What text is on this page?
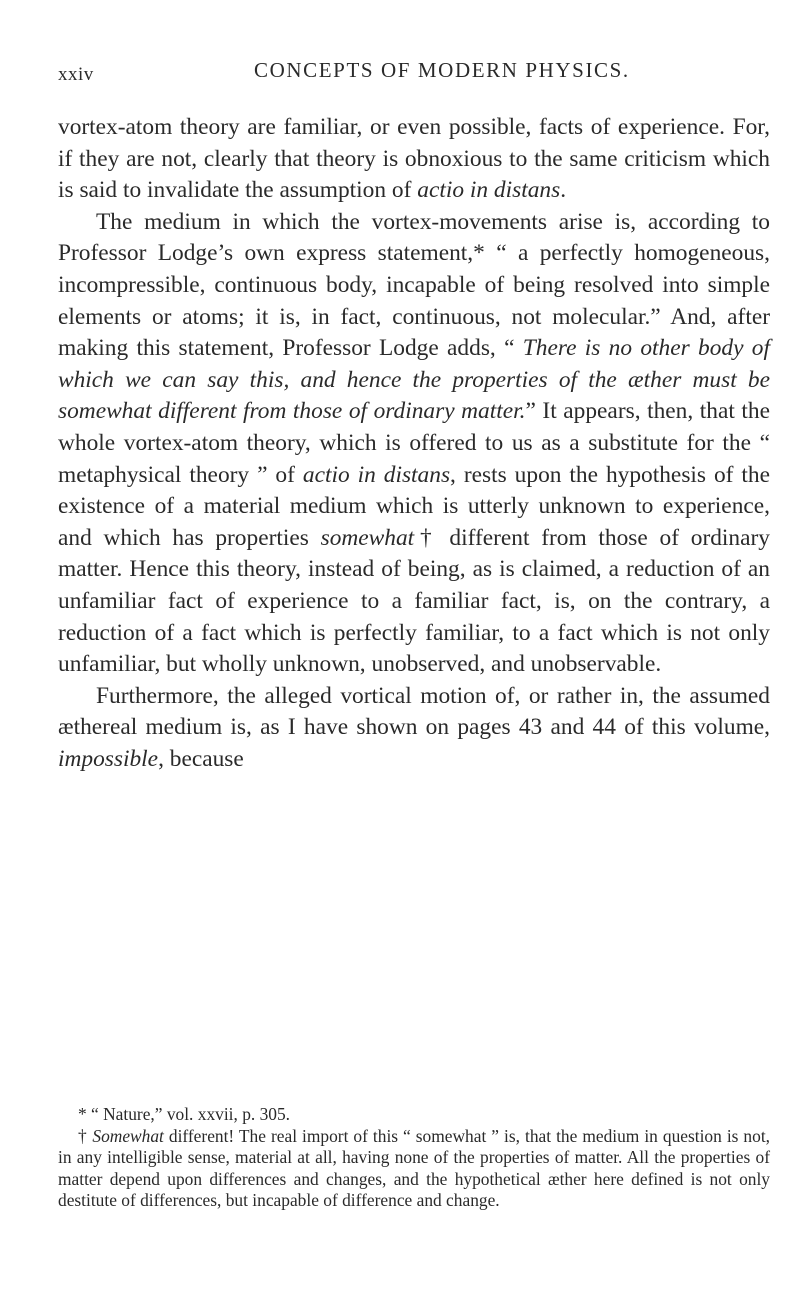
xxiv	CONCEPTS OF MODERN PHYSICS.

vortex-atom theory are familiar, or even possible, facts of experience. For, if they are not, clearly that theory is obnoxious to the same criticism which is said to invalidate the assumption of actio in distans.

The medium in which the vortex-movements arise is, according to Professor Lodge’s own express statement,* “ a perfectly homogeneous, incompressible, continuous body, incapable of being resolved into simple elements or atoms; it is, in fact, continuous, not molecular.” And, after making this statement, Professor Lodge adds, “ There is no other body of which we can say this, and hence the properties of the æther must be somewhat different from those of ordinary matter.” It appears, then, that the whole vortex-atom theory, which is offered to us as a substitute for the “ metaphysical theory ” of actio in distans, rests upon the hypothesis of the existence of a material medium which is utterly unknown to experience, and which has properties somewhat† different from those of ordinary matter. Hence this theory, instead of being, as is claimed, a reduction of an unfamiliar fact of experience to a familiar fact, is, on the contrary, a reduction of a fact which is perfectly familiar, to a fact which is not only unfamiliar, but wholly unknown, unobserved, and unobservable.

Furthermore, the alleged vortical motion of, or rather in, the assumed æthereal medium is, as I have shown on pages 43 and 44 of this volume, impossible, because

* “ Nature,” vol. xxvii, p. 305.

† Somewhat different! The real import of this “ somewhat ” is, that the medium in question is not, in any intelligible sense, material at all, having none of the properties of matter. All the properties of matter depend upon differences and changes, and the hypothetical æther here defined is not only destitute of differences, but incapable of difference and change.
